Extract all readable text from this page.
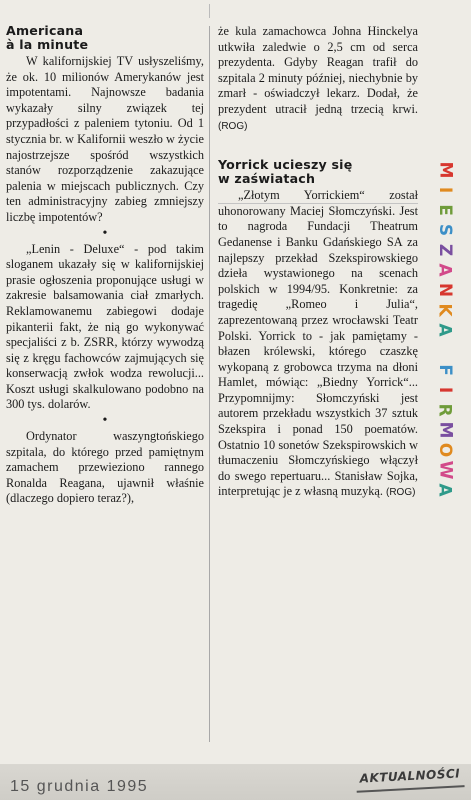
Americana
à la minute

W kalifornijskiej TV usłyszeliśmy, że ok. 10 milionów Amerykanów jest impotentami. Najnowsze badania wykazały silny związek tej przypadłości z paleniem tytoniu. Od 1 stycznia br. w Kalifornii weszło w życie najostrzejsze spośród wszystkich stanów rozporządzenie zakazujące palenia w miejscach publicznych. Czy ten administracyjny zabieg zmniejszy liczbę impotentów?

•

„Lenin - Deluxe“ - pod takim sloganem ukazały się w kalifornijskiej prasie ogłoszenia proponujące usługi w zakresie balsamowania ciał zmarłych. Reklamowanemu zabiegowi dodaje pikanterii fakt, że nią go wykonywać specjaliści z b. ZSRR, którzy wywodzą się z kręgu fachowców zajmujących się konserwacją zwłok wodza rewolucji... Koszt usługi skalkulowano podobno na 300 tys. dolarów.

•

Ordynator waszyngtońskiego szpitala, do którego przed pamiętnym zamachem przewieziono rannego Ronalda Reagana, ujawnił właśnie (dlaczego dopiero teraz?),

że kula zamachowca Johna Hinckelya utkwiła zaledwie o 2,5 cm od serca prezydenta. Gdyby Reagan trafił do szpitala 2 minuty później, niechybnie by zmarł - oświadczył lekarz. Dodał, że prezydent utracił jedną trzecią krwi. (ROG)

Yorrick ucieszy się
w zaświatach

„Złotym Yorrickiem“ został uhonorowany Maciej Słomczyński. Jest to nagroda Fundacji Theatrum Gedanense i Banku Gdańskiego SA za najlepszy przekład Szekspirowskiego dzieła wystawionego na scenach polskich w 1994/95. Konkretnie: za tragedię „Romeo i Julia“, zaprezentowaną przez wrocławski Teatr Polski. Yorrick to - jak pamiętamy - błazen królewski, którego czaszkę wykopaną z grobowca trzyma na dłoni Hamlet, mówiąc: „Biedny Yorrick“... Przypomnijmy: Słomczyński jest autorem przekładu wszystkich 37 sztuk Szekspira i ponad 150 poematów. Ostatnio 10 sonetów Szekspirowskich w tłumaczeniu Słomczyńskiego włączył do swego repertuaru... Stanisław Sojka, interpretując je z własną muzyką. (ROG)

M
I
E
S
Z
A
N
K
A

F
I
R
M
O
W
A
15 grudnia 1995
AKTUALNOŚCI
